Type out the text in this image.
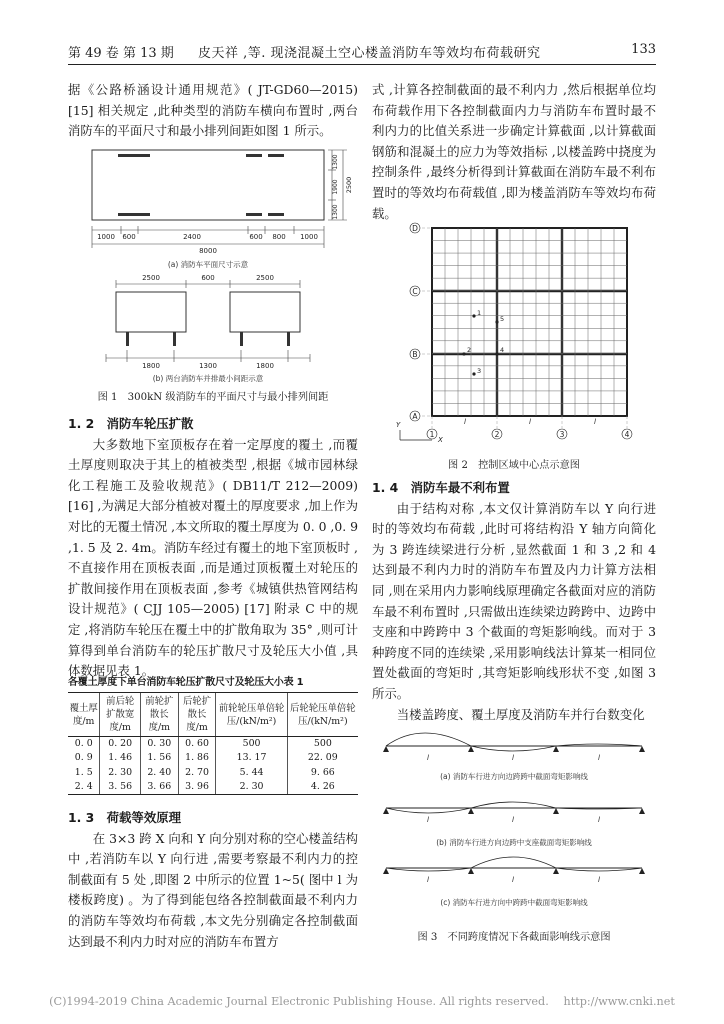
第 49 卷 第 13 期 皮天祥 ,等. 现浇混凝土空心楼盖消防车等效均布荷载研究	133

据《公路桥涵设计通用规范》( JT-GD60—2015) [15] 相关规定 ,此种类型的消防车横向布置时 ,两台消防车的平面尺寸和最小排列间距如图 1 所示。

1000 600	2400	600 800 1000
8000
1300
1900
1300
2500
(a) 消防车平面尺寸示意
2500	600	2500
1800	1300	1800
(b) 两台消防车并排最小间距示意
图 1　300kN 级消防车的平面尺寸与最小排列间距

1. 2　消防车轮压扩散

大多数地下室顶板存在着一定厚度的覆土 ,而覆土厚度则取决于其上的植被类型 ,根据《城市园林绿化工程施工及验收规范》( DB11/T 212—2009) [16] ,为满足大部分植被对覆土的厚度要求 ,加上作为对比的无覆土情况 ,本文所取的覆土厚度为 0. 0 ,0. 9 ,1. 5 及 2. 4m。消防车经过有覆土的地下室顶板时 ,不直接作用在顶板表面 ,而是通过顶板覆土对轮压的扩散间接作用在顶板表面 ,参考《城镇供热管网结构设计规范》( CJJ 105—2005) [17] 附录 C 中的规定 ,将消防车轮压在覆土中的扩散角取为 35° ,则可计算得到单台消防车的轮压扩散尺寸及轮压大小值 ,具体数据见表 1。

各覆土厚度下单台消防车轮压扩散尺寸及轮压大小表 1
覆土厚度/m	前后轮扩散宽度/m	前轮扩散长度/m	后轮扩散长度/m	前轮轮压单倍轮压/(kN/m²)	后轮轮压单倍轮压/(kN/m²)
0. 0	0. 20	0. 30	0. 60	500	500
0. 9	1. 46	1. 56	1. 86	13. 17	22. 09
1. 5	2. 30	2. 40	2. 70	5. 44	9. 66
2. 4	3. 56	3. 66	3. 96	2. 30	4. 26

1. 3　荷载等效原理

在 3×3 跨 X 向和 Y 向分别对称的空心楼盖结构中 ,若消防车以 Y 向行进 ,需要考察最不利内力的控制截面有 5 处 ,即图 2 中所示的位置 1~5( 图中 l 为楼板跨度) 。为了得到能包络各控制截面最不利内力的消防车等效均布荷载 ,本文先分别确定各控制截面达到最不利内力时对应的消防车布置方

式 ,计算各控制截面的最不利内力 ,然后根据单位均布荷载作用下各控制截面内力与消防车布置时最不利内力的比值关系进一步确定计算截面 ,以计算截面钢筋和混凝土的应力为等效指标 ,以楼盖跨中挠度为控制条件 ,最终分析得到计算截面在消防车最不利布置时的等效均布荷载值 ,即为楼盖消防车等效均布荷载。

D
C
B
A
1	2	3	4
1
2
3
4
5
l	l	l
Y
X
图 2　控制区域中心点示意图

1. 4　消防车最不利布置

由于结构对称 ,本文仅计算消防车以 Y 向行进时的等效均布荷载 ,此时可将结构沿 Y 轴方向简化为 3 跨连续梁进行分析 ,显然截面 1 和 3 ,2 和 4 达到最不利内力时的消防车布置及内力计算方法相同 ,则在采用内力影响线原理确定各截面对应的消防车最不利布置时 ,只需做出连续梁边跨跨中、边跨中支座和中跨跨中 3 个截面的弯矩影响线。而对于 3 种跨度不同的连续梁 ,采用影响线法计算某一相同位置处截面的弯矩时 ,其弯矩影响线形状不变 ,如图 3 所示。

当楼盖跨度、覆土厚度及消防车并行台数变化

l	l	l
(a) 消防车行进方向边跨跨中截面弯矩影响线
l	l	l
(b) 消防车行进方向边跨中支座截面弯矩影响线
l	l	l
(c) 消防车行进方向中跨跨中截面弯矩影响线
图 3　不同跨度情况下各截面影响线示意图
(C)1994-2019 China Academic Journal Electronic Publishing House. All rights reserved.　 http://www.cnki.net
